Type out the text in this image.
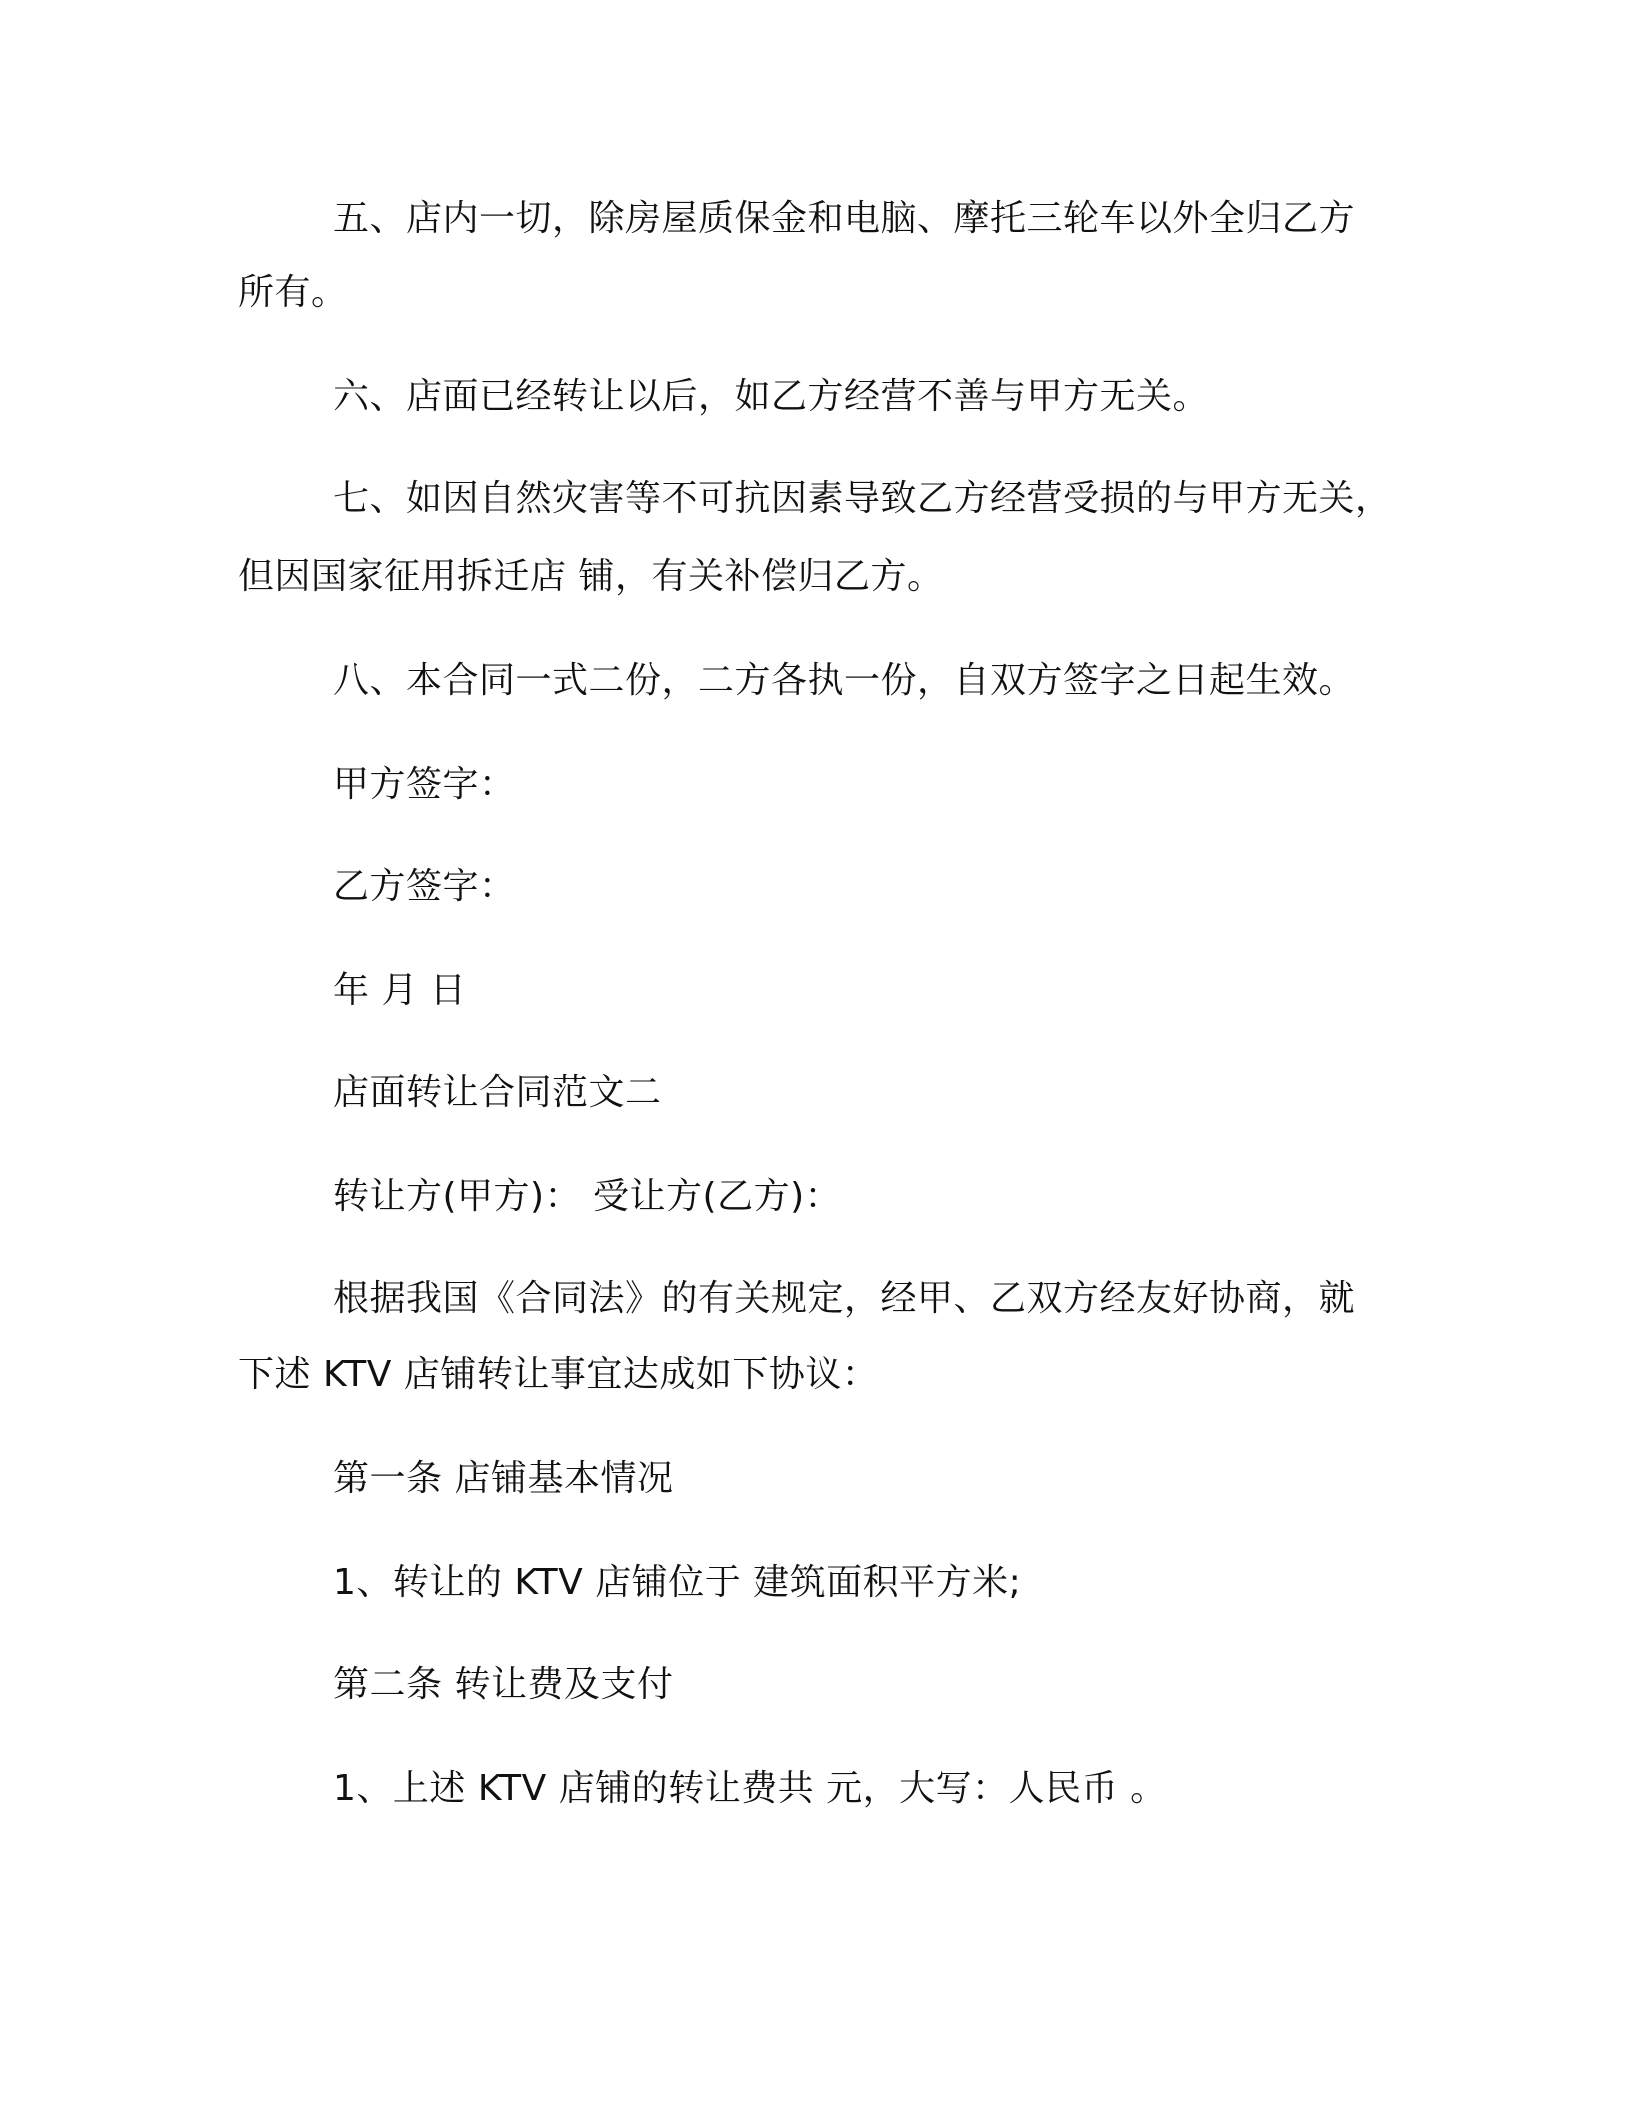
五、店内一切，除房屋质保金和电脑、摩托三轮车以外全归乙方
所有。
六、店面已经转让以后，如乙方经营不善与甲方无关。
七、如因自然灾害等不可抗因素导致乙方经营受损的与甲方无关，
但因国家征用拆迁店 铺，有关补偿归乙方。
八、本合同一式二份，二方各执一份，自双方签字之日起生效。
甲方签字：
乙方签字：
年 月 日
店面转让合同范文二
转让方(甲方)： 受让方(乙方)：
根据我国《合同法》的有关规定，经甲、乙双方经友好协商，就
下述 KTV 店铺转让事宜达成如下协议：
第一条 店铺基本情况
1、转让的 KTV 店铺位于 建筑面积平方米;
第二条 转让费及支付
1、上述 KTV 店铺的转让费共 元，大写：人民币 。
